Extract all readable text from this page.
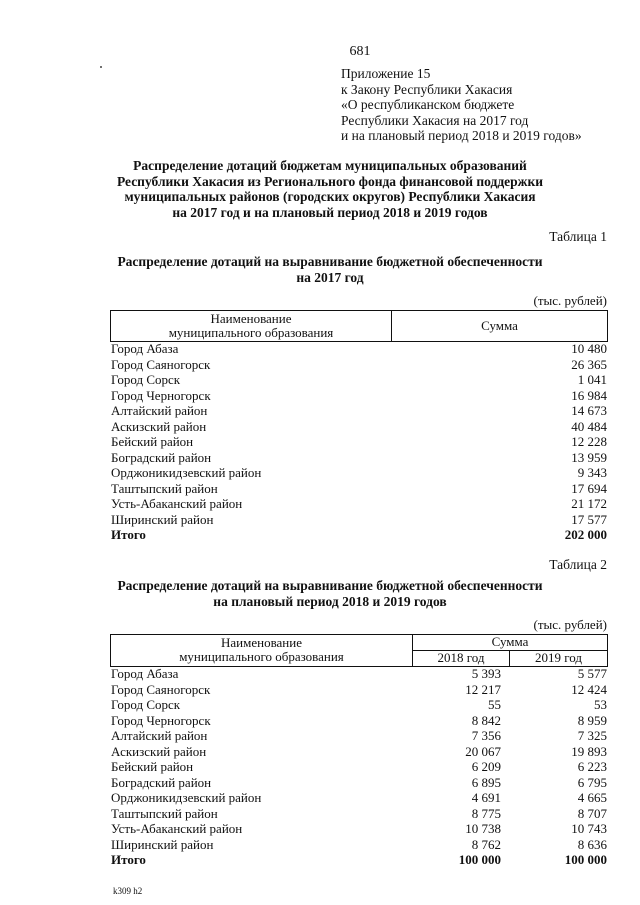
681
Приложение 15
к Закону Республики Хакасия
«О республиканском бюджете
Республики Хакасия на 2017 год
и на плановый период 2018 и 2019 годов»
Распределение дотаций бюджетам муниципальных образований
Республики Хакасия из Регионального фонда финансовой поддержки
муниципальных районов (городских округов) Республики Хакасия
на 2017 год и на плановый период 2018 и 2019 годов
Таблица 1
Распределение дотаций на выравнивание бюджетной обеспеченности
на 2017 год
(тыс. рублей)
Наименование
муниципального образования	Сумма
Город Абаза	10 480
Город Саяногорск	26 365
Город Сорск	1 041
Город Черногорск	16 984
Алтайский район	14 673
Аскизский район	40 484
Бейский район	12 228
Боградский район	13 959
Орджоникидзевский район	9 343
Таштыпский район	17 694
Усть-Абаканский район	21 172
Ширинский район	17 577
Итого	202 000
Таблица 2
Распределение дотаций на выравнивание бюджетной обеспеченности
на плановый период 2018 и 2019 годов
(тыс. рублей)
Наименование
муниципального образования
Сумма
2018 год	2019 год
Город Абаза	5 393	5 577
Город Саяногорск	12 217	12 424
Город Сорск	55	53
Город Черногорск	8 842	8 959
Алтайский район	7 356	7 325
Аскизский район	20 067	19 893
Бейский район	6 209	6 223
Боградский район	6 895	6 795
Орджоникидзевский район	4 691	4 665
Таштыпский район	8 775	8 707
Усть-Абаканский район	10 738	10 743
Ширинский район	8 762	8 636
Итого	100 000	100 000
k309 h2
